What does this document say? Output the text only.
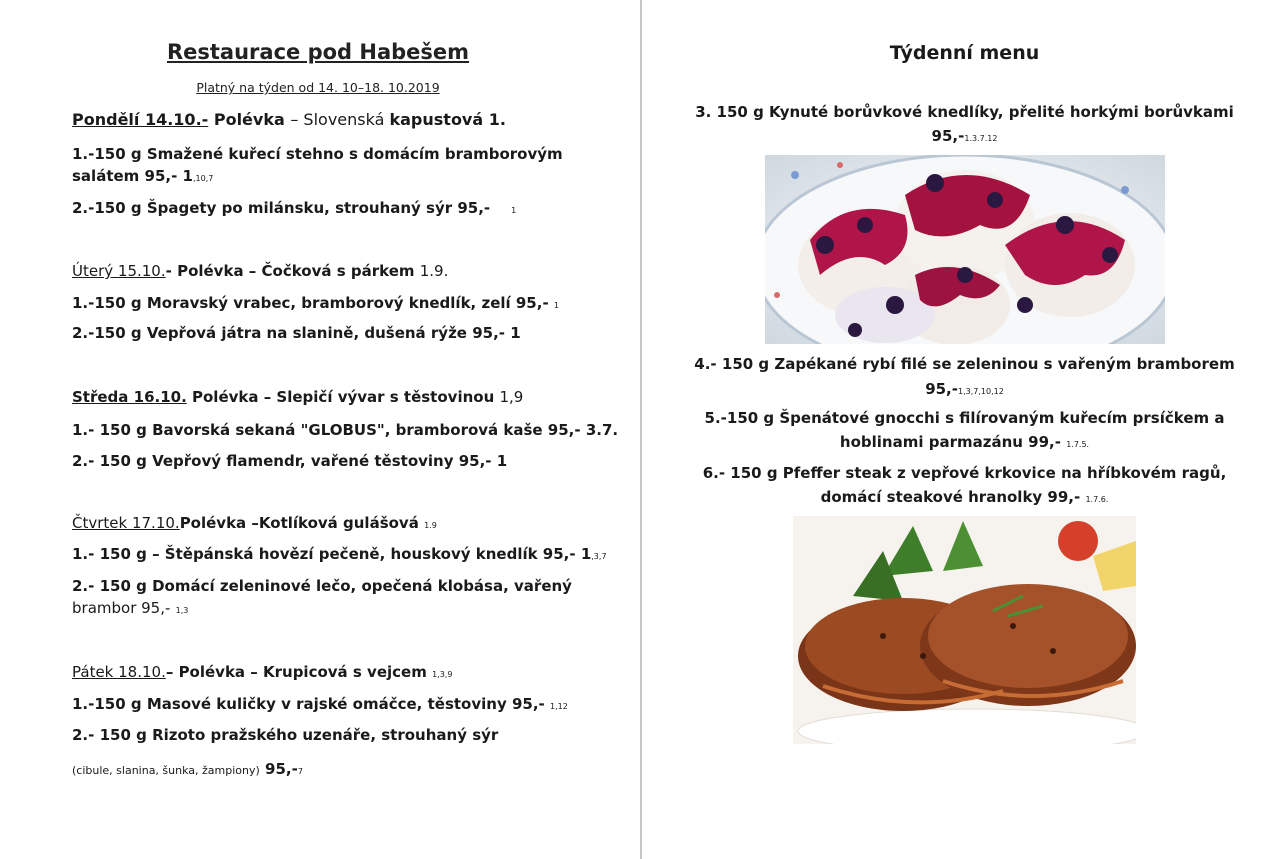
Restaurace pod Habešem
Platný na týden od 14. 10–18. 10.2019
Pondělí 14.10.- Polévka – Slovenská kapustová 1.
1.-150 g Smažené kuřecí stehno s domácím bramborovým
salátem 95,- 1,10,7
2.-150 g Špagety po milánsku, strouhaný sýr 95,-	1
Úterý 15.10.- Polévka – Čočková s párkem 1.9.
1.-150 g Moravský vrabec, bramborový knedlík, zelí 95,- 1
2.-150 g Vepřová játra na slanině, dušená rýže 95,- 1
Středa 16.10. Polévka – Slepičí vývar s těstovinou 1,9
1.- 150 g Bavorská sekaná "GLOBUS", bramborová kaše 95,- 3.7.
2.- 150 g Vepřový flamendr, vařené těstoviny 95,- 1
Čtvrtek 17.10.Polévka –Kotlíková gulášová 1.9
1.- 150 g – Štěpánská hovězí pečeně, houskový knedlík 95,- 1,3,7
2.- 150 g Domácí zeleninové lečo, opečená klobása, vařený
brambor 95,- 1,3
Pátek 18.10.– Polévka – Krupicová s vejcem 1,3,9
1.-150 g Masové kuličky v rajské omáčce, těstoviny 95,- 1,12
2.- 150 g Rizoto pražského uzenáře, strouhaný sýr
(cibule, slanina, šunka, žampiony) 95,-7
Týdenní menu
3. 150 g Kynuté borůvkové knedlíky, přelité horkými borůvkami
95,-1.3.7.12
4.- 150 g Zapékané rybí filé se zeleninou s vařeným bramborem
95,-1,3,7,10,12
5.-150 g Špenátové gnocchi s filírovaným kuřecím prsíčkem a
hoblinami parmazánu 99,- 1.7.5.
6.- 150 g Pfeffer steak z vepřové krkovice na hříbkovém ragů,
domácí steakové hranolky 99,- 1.7.6.
